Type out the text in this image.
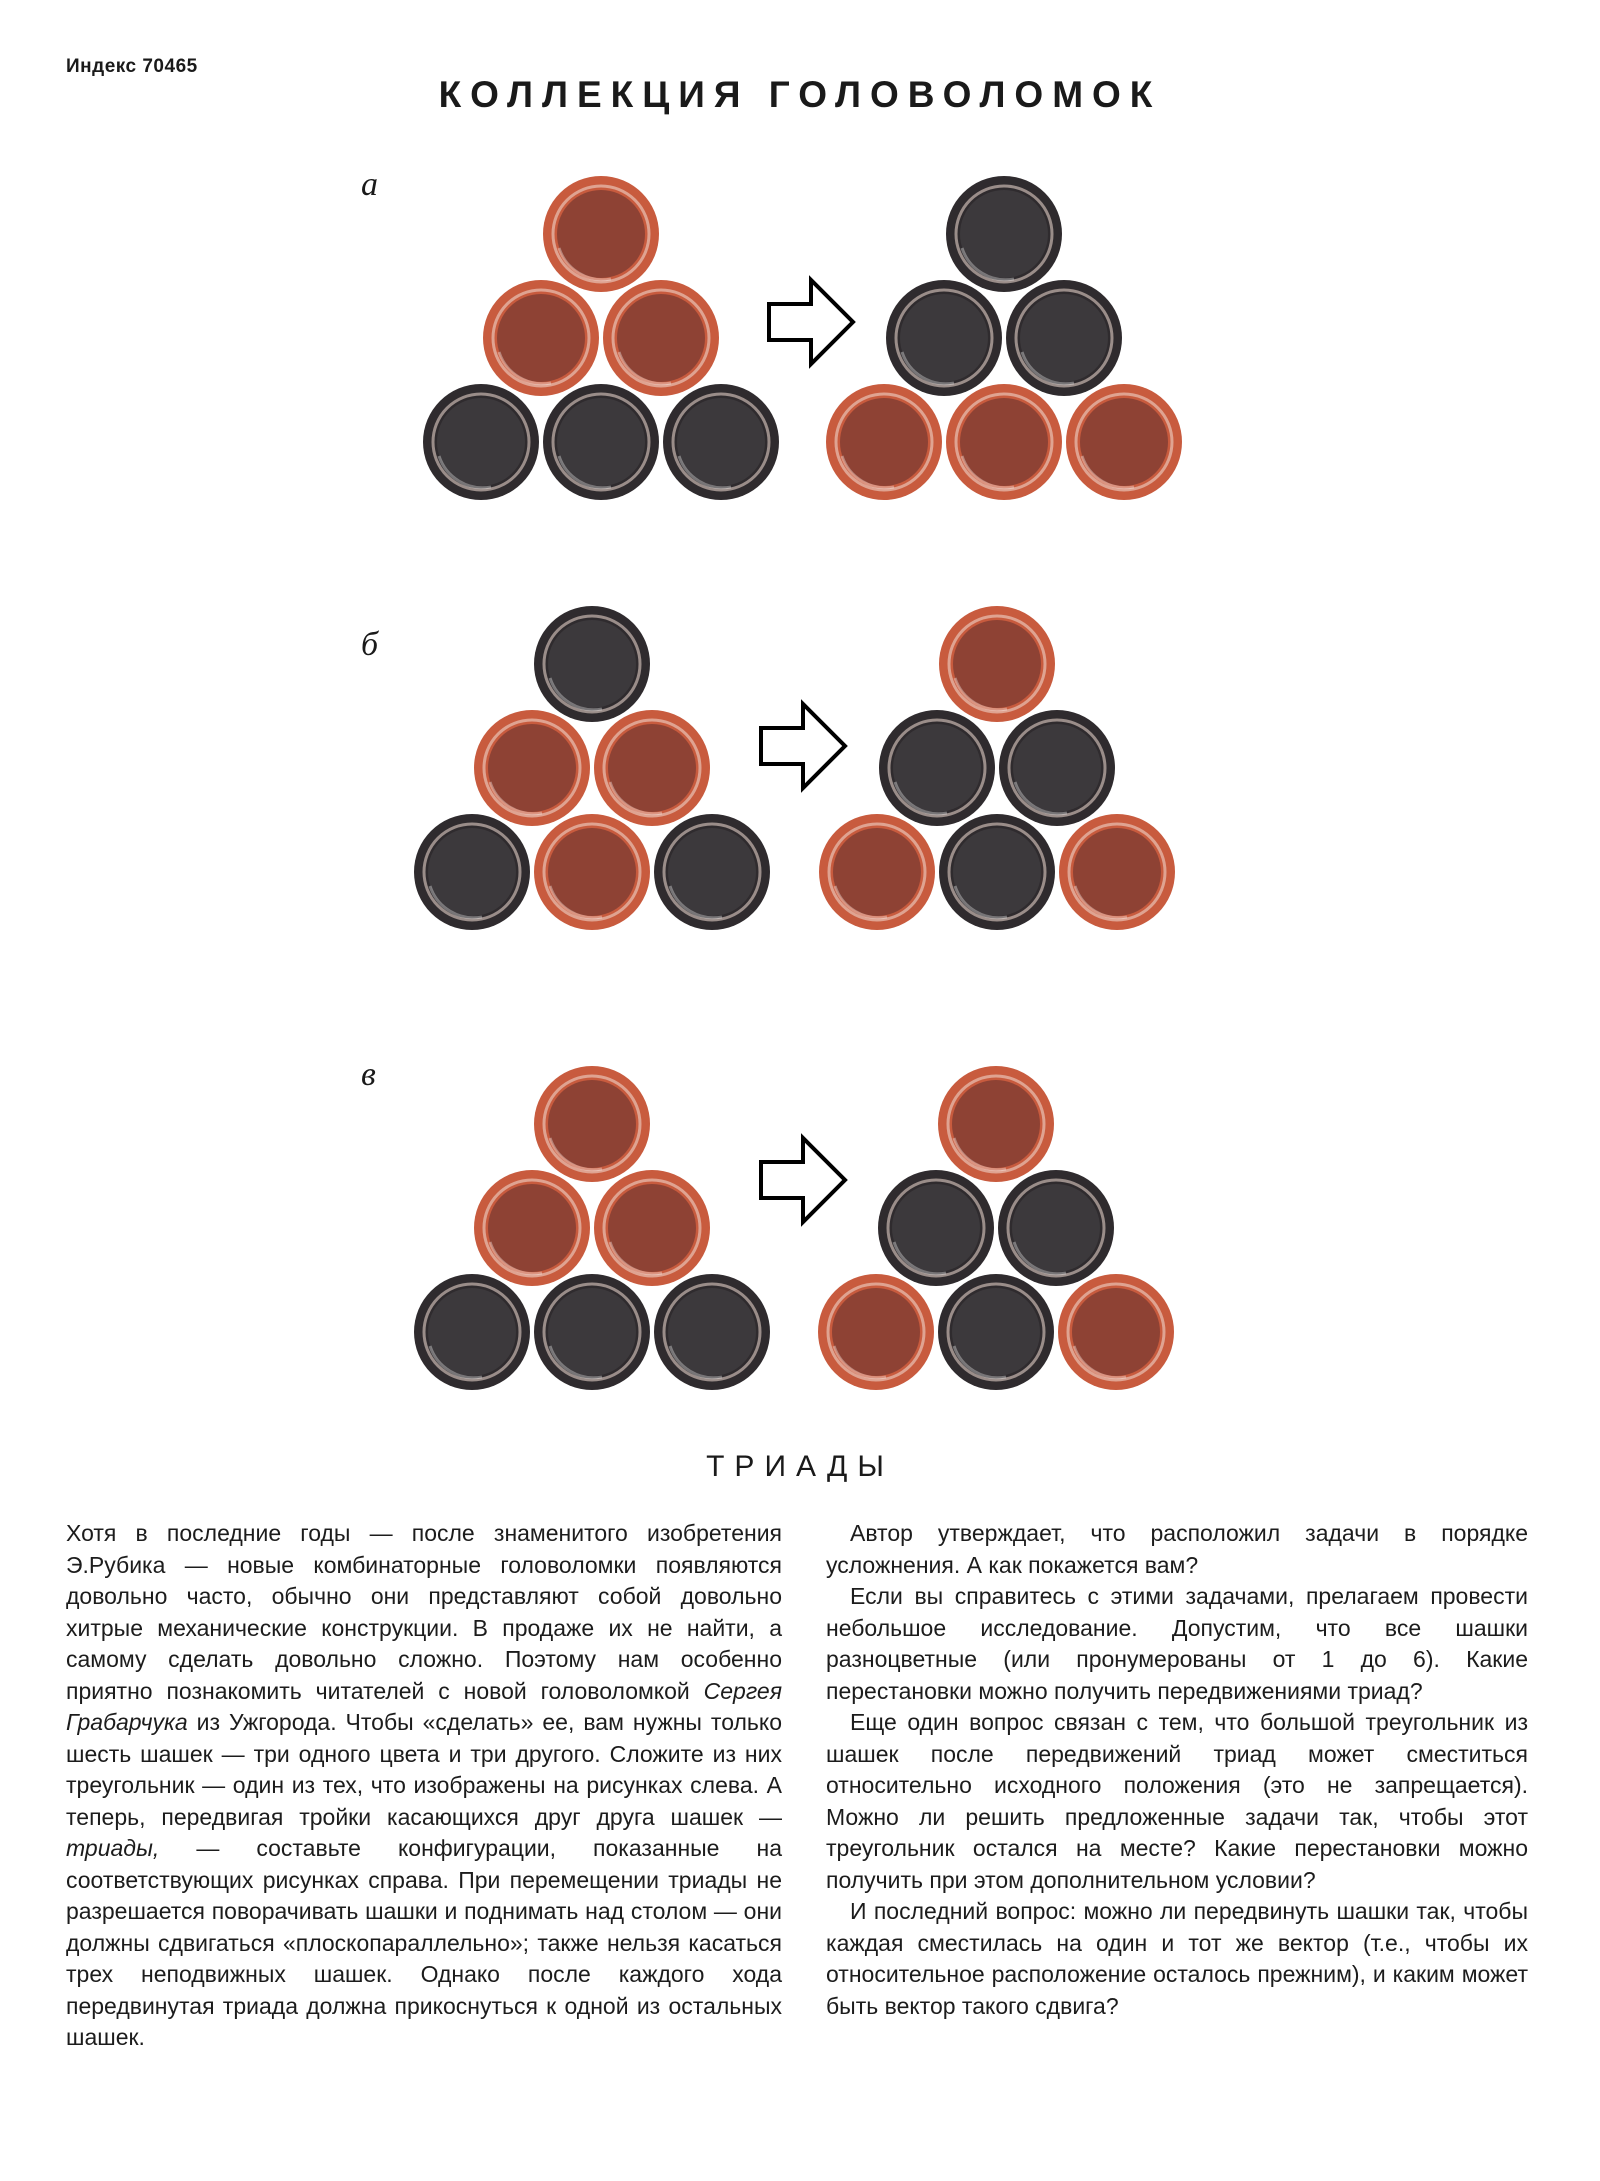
Индекс 70465
КОЛЛЕКЦИЯ ГОЛОВОЛОМОК
а
б
в
ТРИАДЫ

Хотя в последние годы — после знаменитого изобретения Э.Рубика — новые комбинаторные головоломки появляются довольно часто, обычно они представляют собой довольно хитрые механические конструкции. В продаже их не найти, а самому сделать довольно сложно. Поэтому нам особенно приятно познакомить читателей с новой головоломкой Сергея Грабарчука из Ужгорода. Чтобы «сделать» ее, вам нужны только шесть шашек — три одного цвета и три другого. Сложите из них треугольник — один из тех, что изображены на рисунках слева. А теперь, передвигая тройки касающихся друг друга шашек — триады, — составьте конфигурации, показанные на соответствующих рисунках справа. При перемещении триады не разрешается поворачивать шашки и поднимать над столом — они должны сдвигаться «плоскопараллельно»; также нельзя касаться трех неподвижных шашек. Однако после каждого хода передвинутая триада должна прикоснуться к одной из остальных шашек.

Автор утверждает, что расположил задачи в порядке усложнения. А как покажется вам?

Если вы справитесь с этими задачами, прелагаем провести небольшое исследование. Допустим, что все шашки разноцветные (или пронумерованы от 1 до 6). Какие перестановки можно получить передвижениями триад?

Еще один вопрос связан с тем, что большой треугольник из шашек после передвижений триад может сместиться относительно исходного положения (это не запрещается). Можно ли решить предложенные задачи так, чтобы этот треугольник остался на месте? Какие перестановки можно получить при этом дополнительном условии?

И последний вопрос: можно ли передвинуть шашки так, чтобы каждая сместилась на один и тот же вектор (т.е., чтобы их относительное расположение осталось прежним), и каким может быть вектор такого сдвига?
